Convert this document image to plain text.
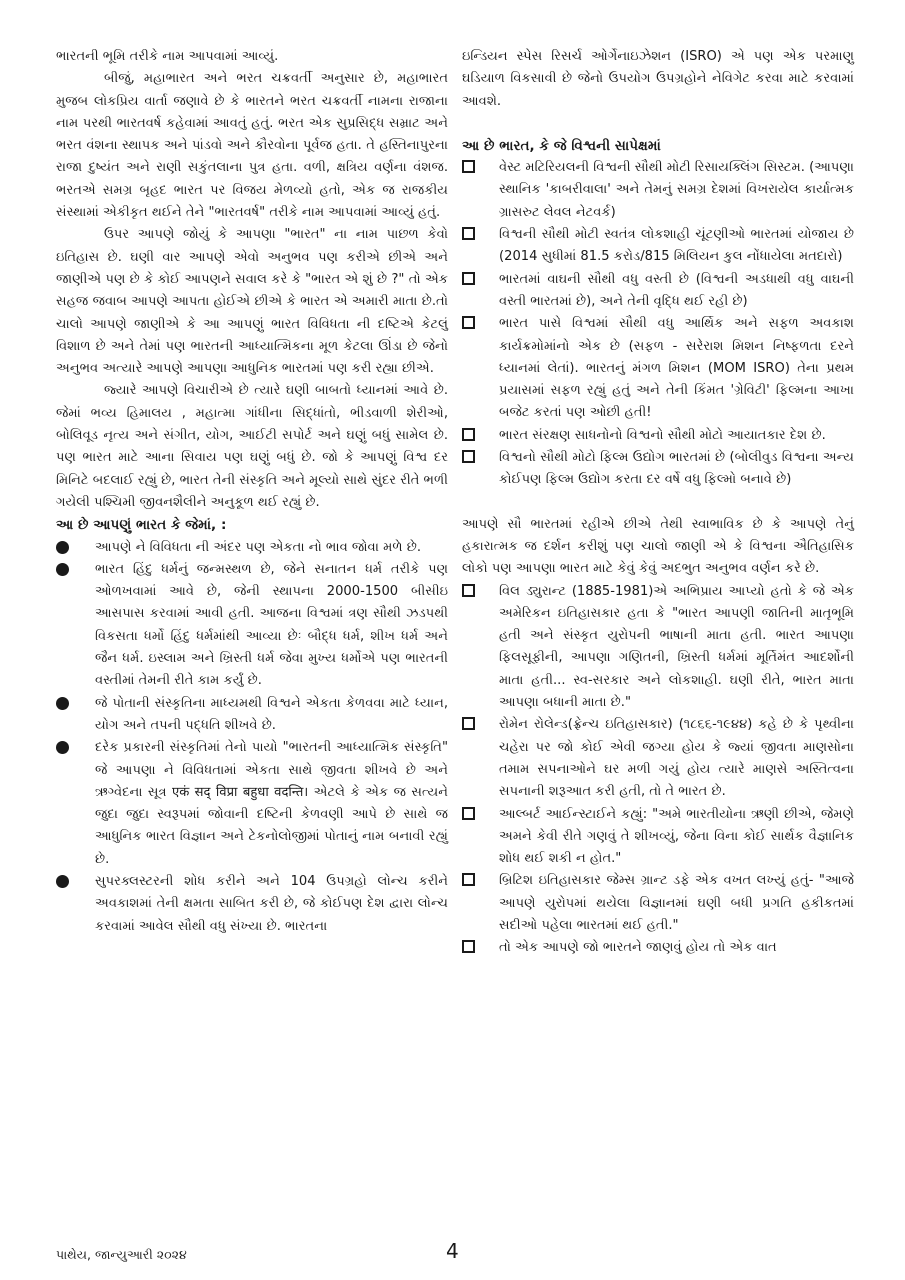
ભારતની ભૂમિ તરીકે નામ આપવામાં આવ્યું.

બીજું, મહાભારત અને ભરત ચક્રવર્તી અનુસાર છે, મહાભારત મુજબ લોકપ્રિય વાર્તા જણાવે છે કે ભારતને ભરત ચક્રવર્તી નામના રાજાના નામ પરથી ભારતવર્ષ કહેવામાં આવતું હતું. ભરત એક સુપ્રસિદ્ધ સમ્રાટ અને ભરત વંશના સ્થાપક અને પાંડવો અને કૌરવોના પૂર્વજ હતા. તે હસ્તિનાપુરના રાજા દુષ્યંત અને રાણી સકુંતલાના પુત્ર હતા. વળી, ક્ષત્રિય વર્ણના વંશજ. ભરતએ સમગ્ર બૃહદ ભારત પર વિજય મેળવ્યો હતો, એક જ રાજકીય સંસ્થામાં એકીકૃત થઈને તેને "ભારતવર્ષ" તરીકે નામ આપવામાં આવ્યું હતું.

ઉપર આપણે જોયું કે આપણા "ભારત" ના નામ પાછળ કેવો ઇતિહાસ છે. ઘણી વાર આપણે એવો અનુભવ પણ કરીએ છીએ અને જાણીએ પણ છે કે કોઈ આપણને સવાલ કરે કે "ભારત એ શું છે ?" તો એક સહજ જવાબ આપણે આપતા હોઈએ છીએ કે ભારત એ અમારી માતા છે.તો ચાલો આપણે જાણીએ કે આ આપણું ભારત વિવિધતા ની દષ્ટિએ કેટલું વિશાળ છે અને તેમાં પણ ભારતની આધ્યાત્મિકના મૂળ કેટલા ઊંડા છે જેનો અનુભવ અત્યારે આપણે આપણા આધુનિક ભારતમાં પણ કરી રહ્યા છીએ.

જ્યારે આપણે વિચારીએ છે ત્યારે ઘણી બાબતો ધ્યાનમાં આવે છે. જેમાં ભવ્ય હિમાલય , મહાત્મા ગાંધીના સિદ્ધાંતો, ભીડવાળી શેરીઓ, બોલિવૂડ નૃત્ય અને સંગીત, યોગ, આઈટી સપોર્ટ અને ઘણું બધું સામેલ છે. પણ ભારત માટે આના સિવાય પણ ઘણું બધું છે. જો કે આપણું વિશ્વ દર મિનિટે બદલાઈ રહ્યું છે, ભારત તેની સંસ્કૃતિ અને મૂલ્યો સાથે સુંદર રીતે ભળી ગયેલી પશ્ચિમી જીવનશૈલીને અનુકૂળ થઈ રહ્યું છે.

આ છે આપણું ભારત કે જેમાં, :

આપણે ને વિવિધતા ની અંદર પણ એકતા નો ભાવ જોવા મળે છે.
ભારત હિંદુ ધર્મનું જન્મસ્થળ છે, જેને સનાતન ધર્મ તરીકે પણ ઓળખવામાં આવે છે, જેની સ્થાપના 2000-1500 બીસીઇ આસપાસ કરવામાં આવી હતી. આજના વિશ્વમાં ત્રણ સૌથી ઝડપથી વિકસતા ધર્મો હિંદુ ધર્મમાંથી આવ્યા છેઃ બૌદ્ધ ધર્મ, શીખ ધર્મ અને જૈન ધર્મ. ઇસ્લામ અને ખ્રિસ્તી ધર્મ જેવા મુખ્ય ધર્મોએ પણ ભારતની વસ્તીમાં તેમની રીતે કામ કર્યું છે.
જે પોતાની સંસ્કૃતિના માધ્યમથી વિશ્વને એકતા કેળવવા માટે ધ્યાન, યોગ અને તપની પદ્ધતિ શીખવે છે.
દરેક પ્રકારની સંસ્કૃતિમાં તેનો પાયો "ભારતની આધ્યાત્મિક સંસ્કૃતિ" જે આપણા ને વિવિધતામાં એકતા સાથે જીવતા શીખવે છે અને ઋગ્વેદના સૂત્ર एकं सद् विप्रा बहुधा वदन्ति। એટલે કે એક જ સત્યને જુદા જુદા સ્વરૂપમાં જોવાની દષ્ટિની કેળવણી આપે છે સાથે જ આધુનિક ભારત વિજ્ઞાન અને ટેકનોલોજીમાં પોતાનું નામ બનાવી રહ્યું છે.
સુપરક્લસ્ટરની શોધ કરીને અને 104 ઉપગ્રહો લોન્ચ કરીને અવકાશમાં તેની ક્ષમતા સાબિત કરી છે, જે કોઈપણ દેશ દ્વારા લોન્ચ કરવામાં આવેલ સૌથી વધુ સંખ્યા છે. ભારતના

ઇન્ડિયન સ્પેસ રિસર્ચ ઓર્ગેનાઇઝેશન (ISRO) એ પણ એક પરમાણુ ઘડિયાળ વિકસાવી છે જેનો ઉપયોગ ઉપગ્રહોને નેવિગેટ કરવા માટે કરવામાં આવશે.

આ છે ભારત, કે જે વિશ્વની સાપેક્ષમાં

વેસ્ટ મટિરિયલની વિશ્વની સૌથી મોટી રિસાયક્લિંગ સિસ્ટમ. (આપણા સ્થાનિક 'કાબરીવાલા' અને તેમનું સમગ્ર દેશમાં વિખરાયેલ કાર્યાત્મક ગ્રાસરુટ લેવલ નેટવર્ક)
વિશ્વની સૌથી મોટી સ્વતંત્ર લોકશાહી ચૂંટણીઓ ભારતમાં યોજાય છે (2014 સુધીમાં 81.5 કરોડ/815 મિલિયન કુલ નોંધાયેલા મતદારો)
ભારતમાં વાઘની સૌથી વધુ વસ્તી છે (વિશ્વની અડધાથી વધુ વાઘની વસ્તી ભારતમાં છે), અને તેની વૃદ્ધિ થઈ રહી છે)
ભારત પાસે વિશ્વમાં સૌથી વધુ આર્થિક અને સફળ અવકાશ કાર્યક્રમોમાંનો એક છે (સફળ - સરેરાશ મિશન નિષ્ફળતા દરને ધ્યાનમાં લેતાં). ભારતનું મંગળ મિશન (MOM ISRO) તેના પ્રથમ પ્રયાસમાં સફળ રહ્યું હતું અને તેની કિંમત 'ગ્રેવિટી' ફિલ્મના આખા બજેટ કરતાં પણ ઓછી હતી!
ભારત સંરક્ષણ સાધનોનો વિશ્વનો સૌથી મોટો આયાતકાર દેશ છે.
વિશ્વનો સૌથી મોટો ફિલ્મ ઉદ્યોગ ભારતમાં છે (બોલીવુડ વિશ્વના અન્ય કોઈપણ ફિલ્મ ઉદ્યોગ કરતા દર વર્ષે વધુ ફિલ્મો બનાવે છે)

આપણે સૌ ભારતમાં રહીએ છીએ તેથી સ્વાભાવિક છે કે આપણે તેનું હકારાત્મક જ દર્શન કરીશું પણ ચાલો જાણી એ કે વિશ્વના ઐતિહાસિક લોકો પણ આપણા ભારત માટે કેવું કેવું અદભુત અનુભવ વર્ણન કરે છે.

વિલ ડ્યુરાન્ટ (1885-1981)એ અભિપ્રાય આપ્યો હતો કે જે એક અમેરિકન ઇતિહાસકાર હતા કે "ભારત આપણી જાતિની માતૃભૂમિ હતી અને સંસ્કૃત યુરોપની ભાષાની માતા હતી. ભારત આપણા ફિલસૂફીની, આપણા ગણિતની, ખ્રિસ્તી ધર્મમાં મૂર્તિમંત આદર્શોની માતા હતી... સ્વ-સરકાર અને લોકશાહી. ઘણી રીતે, ભારત માતા આપણા બધાની માતા છે."
રોમેન રોલેન્ડ(ફ્રેન્ચ ઇતિહાસકાર) (૧૮૬૬-૧૯૪૪) કહે છે કે પૃથ્વીના ચહેરા પર જો કોઈ એવી જગ્યા હોય કે જ્યાં જીવતા માણસોના તમામ સપનાઓને ઘર મળી ગયું હોય ત્યારે માણસે અસ્તિત્વના સપનાની શરૂઆત કરી હતી, તો તે ભારત છે.
આલ્બર્ટ આઈન્સ્ટાઈને કહ્યું: "અમે ભારતીયોના ઋણી છીએ, જેમણે અમને કેવી રીતે ગણવું તે શીખવ્યું, જેના વિના કોઈ સાર્થક વૈજ્ઞાનિક શોધ થઈ શકી ન હોત."
બ્રિટિશ ઇતિહાસકાર જેમ્સ ગ્રાન્ટ ડફે એક વખત લખ્યું હતું- "આજે આપણે યુરોપમાં થયેલા વિજ્ઞાનમાં ઘણી બધી પ્રગતિ હકીકતમાં સદીઓ પહેલા ભારતમાં થઈ હતી."
તો એક આપણે જો ભારતને જાણવું હોય તો એક વાત
પાથેય, જાન્યુઆરી ૨૦૨૪	4
